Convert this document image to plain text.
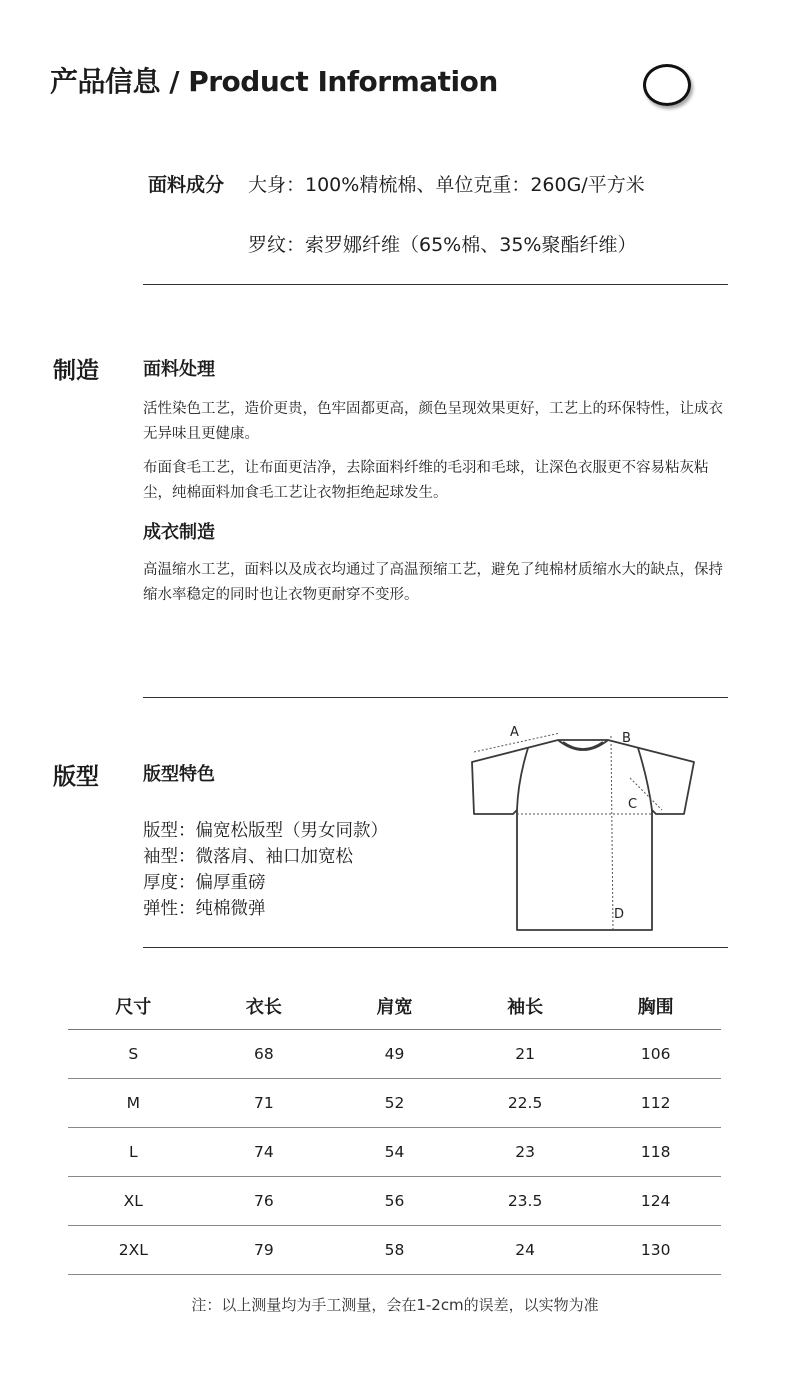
产品信息 / Product Information
面料成分 大身：100%精梳棉、单位克重：260G/平方米
罗纹：索罗娜纤维（65%棉、35%聚酯纤维）
制造 面料处理
活性染色工艺，造价更贵，色牢固都更高，颜色呈现效果更好，工艺上的环保特性，让成衣无异味且更健康。
布面食毛工艺，让布面更洁净，去除面料纤维的毛羽和毛球，让深色衣服更不容易粘灰粘尘，纯棉面料加食毛工艺让衣物拒绝起球发生。
成衣制造
高温缩水工艺，面料以及成衣均通过了高温预缩工艺，避免了纯棉材质缩水大的缺点，保持缩水率稳定的同时也让衣物更耐穿不变形。
版型 版型特色
版型：偏宽松版型（男女同款）
袖型：微落肩、袖口加宽松
厚度：偏厚重磅
弹性：纯棉微弹
A	B
C
D
尺寸	衣长	肩宽	袖长	胸围
S	68	49	21	106
M	71	52	22.5	112
L	74	54	23	118
XL	76	56	23.5	124
2XL	79	58	24	130
注：以上测量均为手工测量，会在1-2cm的误差，以实物为准
